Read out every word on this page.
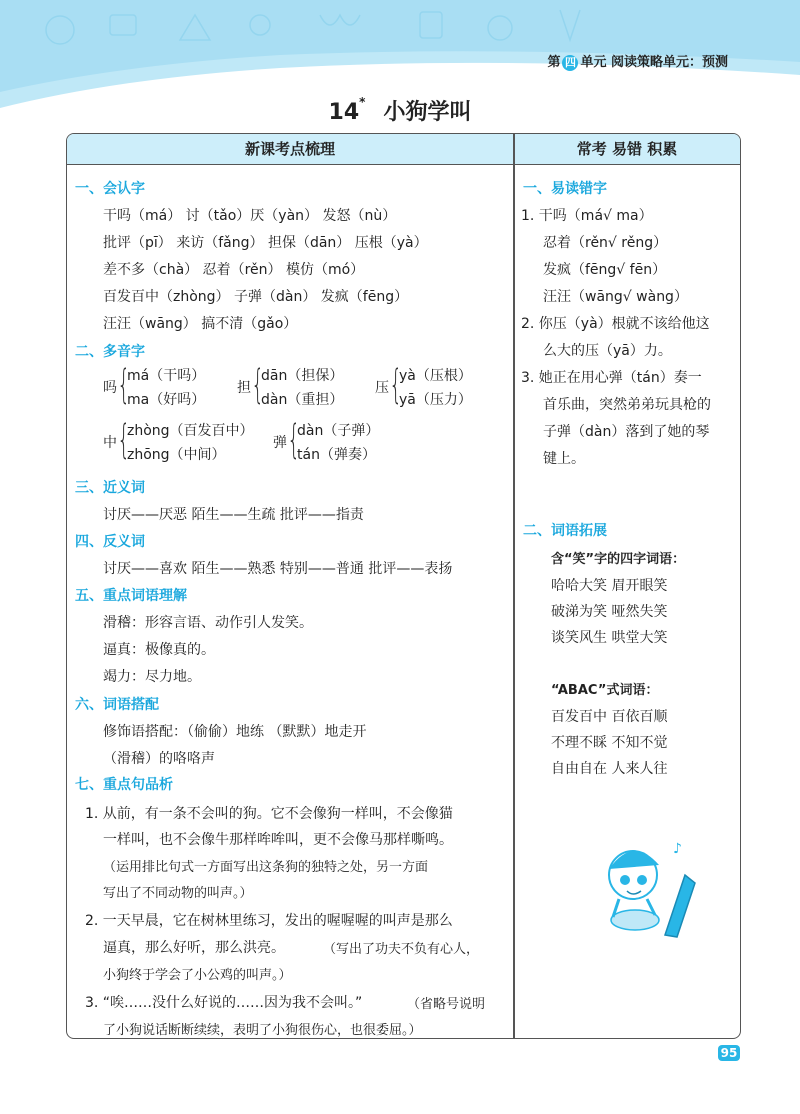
第 四 单元 阅读策略单元：预测
14* 小狗学叫
新课考点梳理	常考 易错 积累
一、会认字
干吗（má） 讨（tǎo）厌（yàn） 发怒（nù）
批评（pī） 来访（fǎng） 担保（dān） 压根（yà）
差不多（chà） 忍着（rěn） 模仿（mó）
百发百中（zhòng） 子弹（dàn） 发疯（fēng）
汪汪（wāng） 搞不清（gǎo）
二、多音字
吗 {
má（干吗）
ma（好吗）
担 {
dān（担保）
dàn（重担）
压 {
yà（压根）
yā（压力）
中 {
zhòng（百发百中）
zhōng（中间）
弹 {
dàn（子弹）
tán（弹奏）
三、近义词
讨厌——厌恶 陌生——生疏 批评——指责
四、反义词
讨厌——喜欢 陌生——熟悉 特别——普通 批评——表扬
五、重点词语理解
滑稽：形容言语、动作引人发笑。
逼真：极像真的。
竭力：尽力地。
六、词语搭配
修饰语搭配：（偷偷）地练 （默默）地走开
（滑稽）的咯咯声
七、重点句品析
1. 从前，有一条不会叫的狗。它不会像狗一样叫，不会像猫
一样叫，也不会像牛那样哞哞叫，更不会像马那样嘶鸣。
（运用排比句式一方面写出这条狗的独特之处，另一方面
写出了不同动物的叫声。）
2. 一天早晨，它在树林里练习，发出的喔喔喔的叫声是那么
逼真，那么好听，那么洪亮。	（写出了功夫不负有心人，
小狗终于学会了小公鸡的叫声。）
3. “唉……没什么好说的……因为我不会叫。”	（省略号说明
了小狗说话断断续续，表明了小狗很伤心，也很委屈。）
一、易读错字
1. 干吗（má√ ma）
忍着（rěn√ rěng）
发疯（fēng√ fēn）
汪汪（wāng√ wàng）
2. 你压（yà）根就不该给他这
么大的压（yā）力。
3. 她正在用心弹（tán）奏一
首乐曲，突然弟弟玩具枪的
子弹（dàn）落到了她的琴
键上。
二、词语拓展
含“笑”字的四字词语：
哈哈大笑 眉开眼笑
破涕为笑 哑然失笑
谈笑风生 哄堂大笑
“ABAC”式词语：
百发百中 百依百顺
不理不睬 不知不觉
自由自在 人来人往
♪
95
